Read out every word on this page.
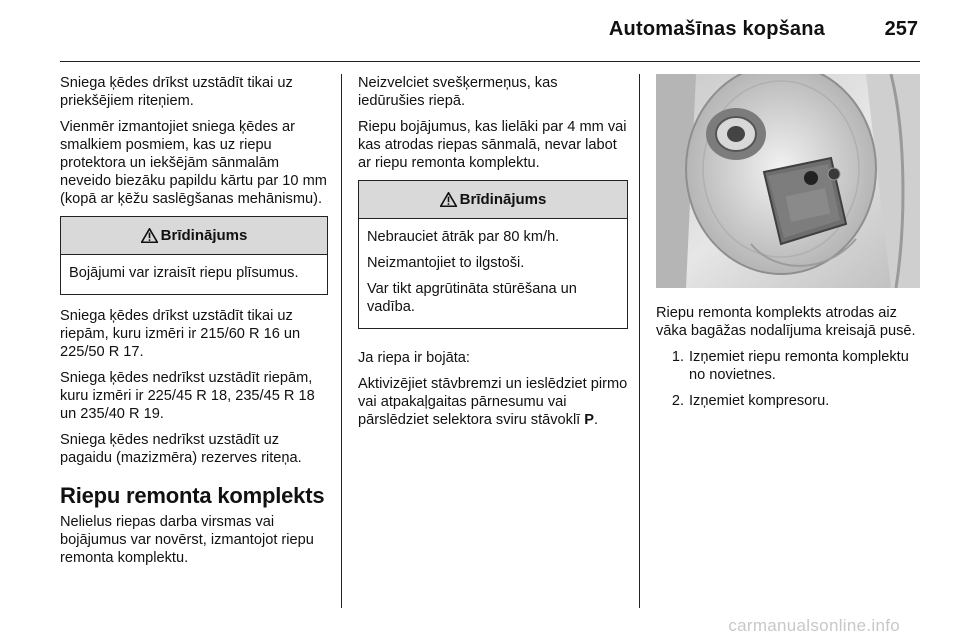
Automašīnas kopšana	257

Sniega ķēdes drīkst uzstādīt tikai uz priekšējiem riteņiem.

Vienmēr izmantojiet sniega ķēdes ar smalkiem posmiem, kas uz riepu protektora un iekšējām sānmalām neveido biezāku papildu kārtu par 10 mm (kopā ar ķēžu saslēgšanas mehānismu).

Brīdinājums

Bojājumi var izraisīt riepu plīsumus.

Sniega ķēdes drīkst uzstādīt tikai uz riepām, kuru izmēri ir 215/60 R 16 un 225/50 R 17.

Sniega ķēdes nedrīkst uzstādīt riepām, kuru izmēri ir 225/45 R 18, 235/45 R 18 un 235/40 R 19.

Sniega ķēdes nedrīkst uzstādīt uz pagaidu (mazizmēra) rezerves riteņa.

Riepu remonta komplekts

Nelielus riepas darba virsmas vai bojājumus var novērst, izmantojot riepu remonta komplektu.

Neizvelciet svešķermeņus, kas iedūrušies riepā.

Riepu bojājumus, kas lielāki par 4 mm vai kas atrodas riepas sānmalā, nevar labot ar riepu remonta komplektu.

Brīdinājums

Nebrauciet ātrāk par 80 km/h.

Neizmantojiet to ilgstoši.

Var tikt apgrūtināta stūrēšana un vadība.

Ja riepa ir bojāta:

Aktivizējiet stāvbremzi un ieslēdziet pirmo vai atpakaļgaitas pārnesumu vai pārslēdziet selektora sviru stāvoklī P.

Riepu remonta komplekts atrodas aiz vāka bagāžas nodalījuma kreisajā pusē.

1. Izņemiet riepu remonta komplektu no novietnes.
2. Izņemiet kompresoru.
carmanualsonline.info
